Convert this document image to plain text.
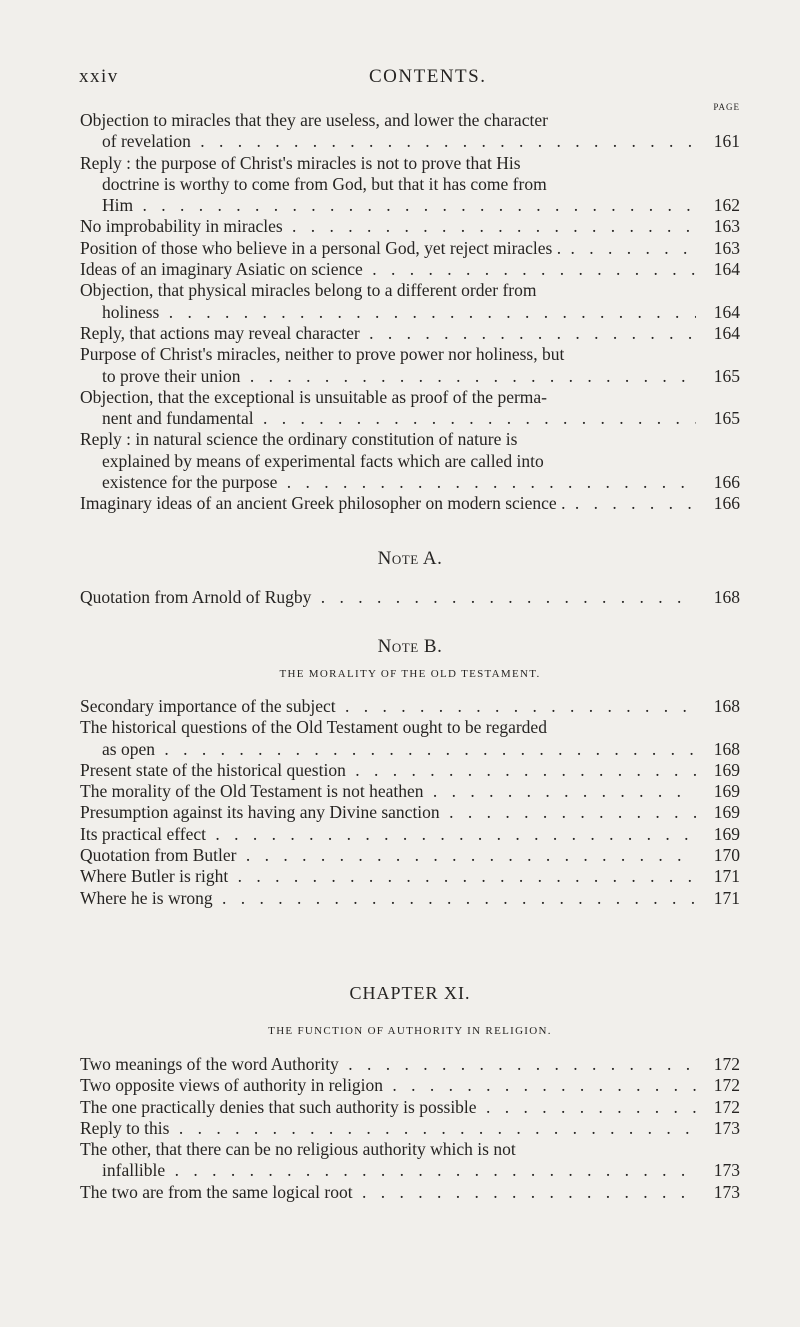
xxiv	CONTENTS.
PAGE
Objection to miracles that they are useless, and lower the character
of revelation . . .	161
Reply : the purpose of Christ's miracles is not to prove that His
doctrine is worthy to come from God, but that it has come from
Him . . .	162
No improbability in miracles . . .	163
Position of those who believe in a personal God, yet reject miracles . . . .	163
Ideas of an imaginary Asiatic on science . . .	164
Objection, that physical miracles belong to a different order from
holiness . . .	164
Reply, that actions may reveal character . . .	164
Purpose of Christ's miracles, neither to prove power nor holiness, but
to prove their union . . .	165
Objection, that the exceptional is unsuitable as proof of the perma-
nent and fundamental . . .	165
Reply : in natural science the ordinary constitution of nature is
explained by means of experimental facts which are called into
existence for the purpose . . .	166
Imaginary ideas of an ancient Greek philosopher on modern science . . . .	166
Note A.
Quotation from Arnold of Rugby . . .	168
Note B.
THE MORALITY OF THE OLD TESTAMENT.
Secondary importance of the subject . . .	168
The historical questions of the Old Testament ought to be regarded
as open . . .	168
Present state of the historical question . . .	169
The morality of the Old Testament is not heathen . . .	169
Presumption against its having any Divine sanction . . .	169
Its practical effect . . .	169
Quotation from Butler . . .	170
Where Butler is right . . .	171
Where he is wrong . . .	171
CHAPTER XI.
THE FUNCTION OF AUTHORITY IN RELIGION.
Two meanings of the word Authority . . .	172
Two opposite views of authority in religion . . .	172
The one practically denies that such authority is possible . . .	172
Reply to this . . .	173
The other, that there can be no religious authority which is not
infallible . . .	173
The two are from the same logical root . . .	173
